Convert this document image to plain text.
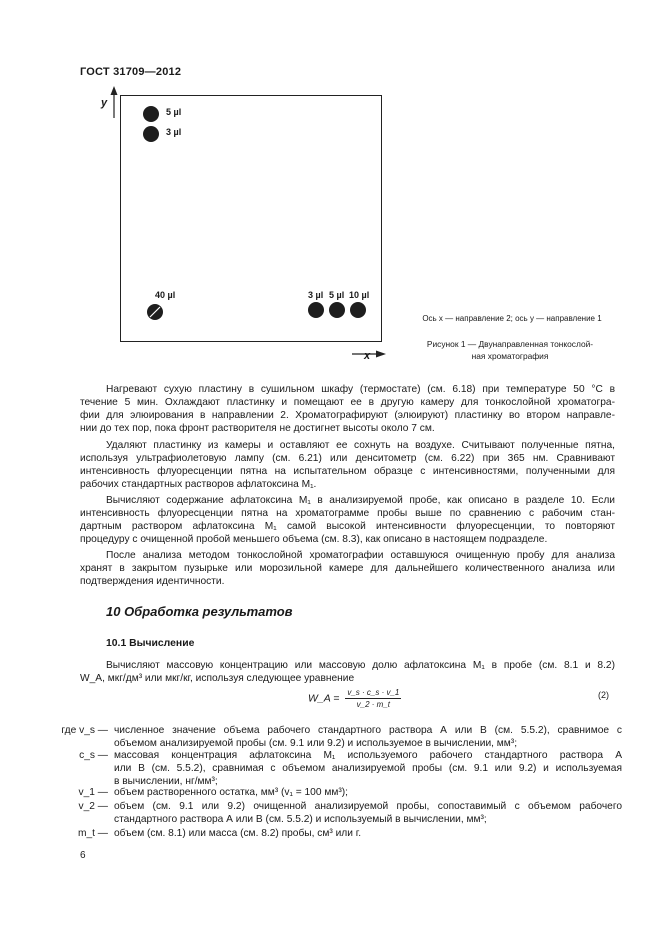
ГОСТ 31709—2012
y
x
5 µl
3 µl
40 µl	3 µl 5 µl 10 µl
Ось x — направление 2; ось y — направление 1
Рисунок 1 — Двунаправленная тонкослой-
ная хроматография
Нагревают сухую пластину в сушильном шкафу (термостате) (см. 6.18) при температуре 50 °С в
течение 5 мин. Охлаждают пластинку и помещают ее в другую камеру для тонкослойной хроматогра-
фии для элюирования в направлении 2. Хроматографируют (элюируют) пластинку во втором направле-
нии до тех пор, пока фронт растворителя не достигнет высоты около 7 см.
Удаляют пластинку из камеры и оставляют ее сохнуть на воздухе. Считывают полученные пятна,
используя ультрафиолетовую лампу (см. 6.21) или денситометр (см. 6.22) при 365 нм. Сравнивают
интенсивность флуоресценции пятна на испытательном образце с интенсивностями, полученными для
рабочих стандартных растворов афлатоксина M₁.
Вычисляют содержание афлатоксина M₁ в анализируемой пробе, как описано в разделе 10. Если
интенсивность флуоресценции пятна на хроматограмме пробы выше по сравнению с рабочим стан-
дартным раствором афлатоксина M₁ самой высокой интенсивности флуоресценции, то повторяют
процедуру с очищенной пробой меньшего объема (см. 8.3), как описано в настоящем подразделе.
После анализа методом тонкослойной хроматографии оставшуюся очищенную пробу для анализа
хранят в закрытом пузырьке или морозильной камере для дальнейшего количественного анализа или
подтверждения идентичности.
10 Обработка результатов
10.1 Вычисление
Вычисляют массовую концентрацию или массовую долю афлатоксина M₁ в пробе (см. 8.1 и 8.2)
W_A, мкг/дм³ или мкг/кг, используя следующее уравнение
W_A = $\frac{v\_s \cdot c\_s \cdot v\_1}{v\_2 \cdot m\_t}$	(2)
где v_s — численное значение объема рабочего стандартного раствора А или В (см. 5.5.2), сравнимое с
объемом анализируемой пробы (см. 9.1 или 9.2) и используемое в вычислении, мм³;
c_s — массовая концентрация афлатоксина M₁ используемого рабочего стандартного раствора А
или В (см. 5.5.2), сравнимая с объемом анализируемой пробы (см. 9.1 или 9.2) и используемая
в вычислении, нг/мм³;
v_1 — объем растворенного остатка, мм³ (v₁ = 100 мм³);
v_2 — объем (см. 9.1 или 9.2) очищенной анализируемой пробы, сопоставимый с объемом рабочего
стандартного раствора А или В (см. 5.5.2) и используемый в вычислении, мм³;
m_t — объем (см. 8.1) или масса (см. 8.2) пробы, см³ или г.
6
